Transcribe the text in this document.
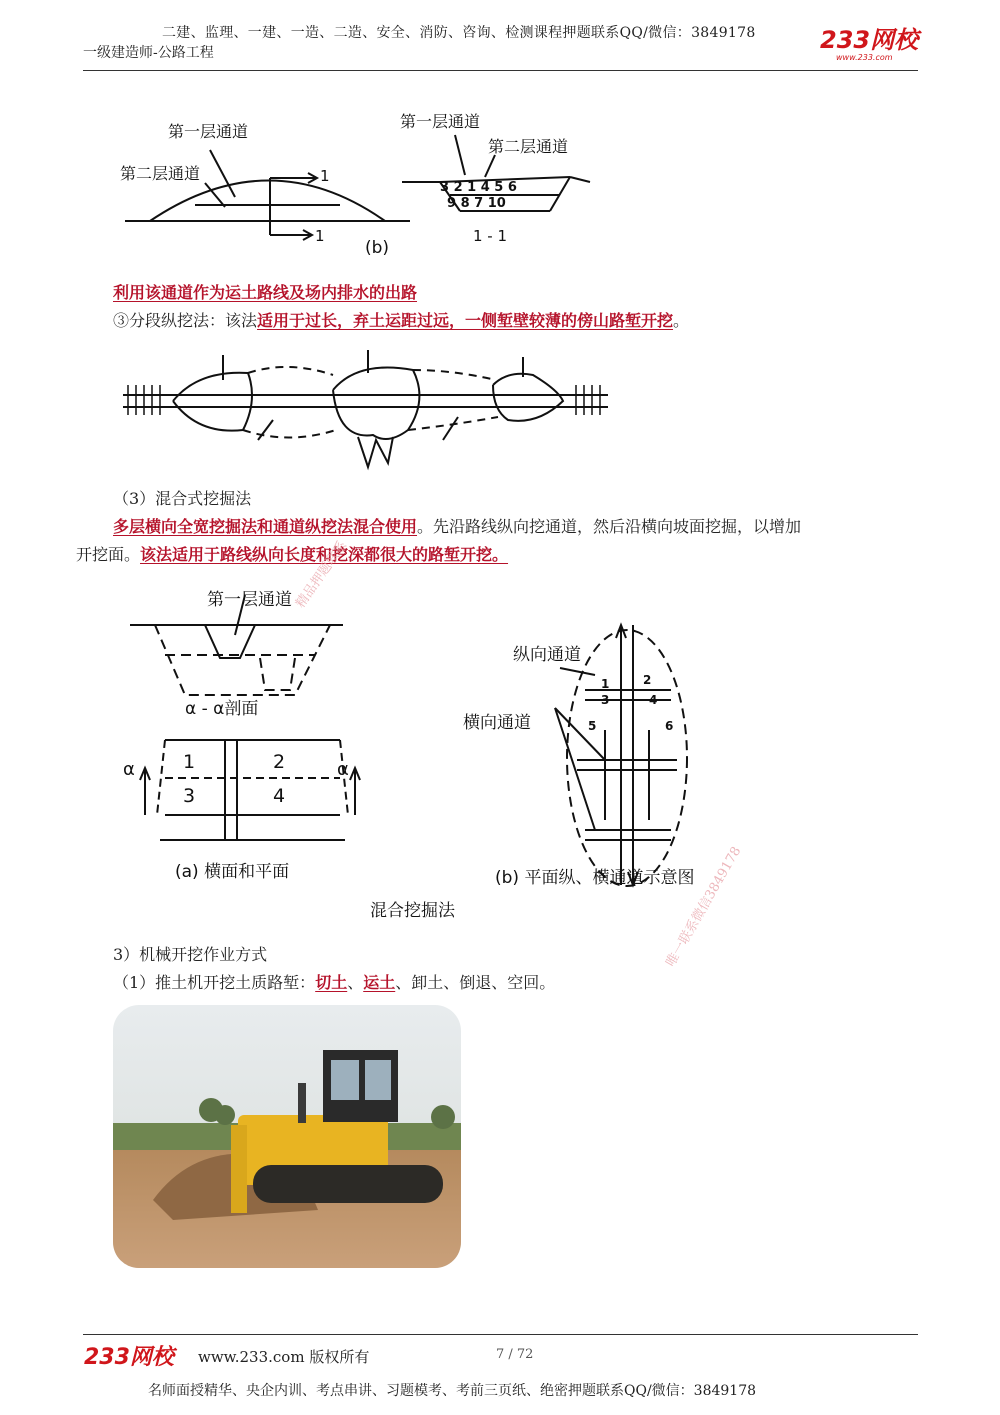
二建、监理、一建、一造、二造、安全、消防、咨询、检测课程押题联系QQ/微信：3849178
一级建造师-公路工程	233网校
www.233.com
第一层通道
第二层通道	1
1
(b)
第一层通道
第二层通道
3 2 1 4 5 6
9 8 7 10
1 - 1
利用该通道作为运土路线及场内排水的出路
③分段纵挖法：该法适用于过长，弃土运距过远，一侧堑壁较薄的傍山路堑开挖。
（3）混合式挖掘法
多层横向全宽挖掘法和通道纵挖法混合使用。先沿路线纵向挖通道，然后沿横向坡面挖掘，以增加
开挖面。该法适用于路线纵向长度和挖深都很大的路堑开挖。
第一层通道
α - α剖面
α	α
1	2
3	4
(a) 横面和平面
纵向通道
横向通道
1	2
3	4
5	6
(b) 平面纵、横通道示意图
混合挖掘法
精品押题联系
唯一联系微信3849178
3）机械开挖作业方式
（1）推土机开挖土质路堑：切土、运土、卸土、倒退、空回。
233网校 www.233.com 版权所有	7 / 72
名师面授精华、央企内训、考点串讲、习题模考、考前三页纸、绝密押题联系QQ/微信：3849178
